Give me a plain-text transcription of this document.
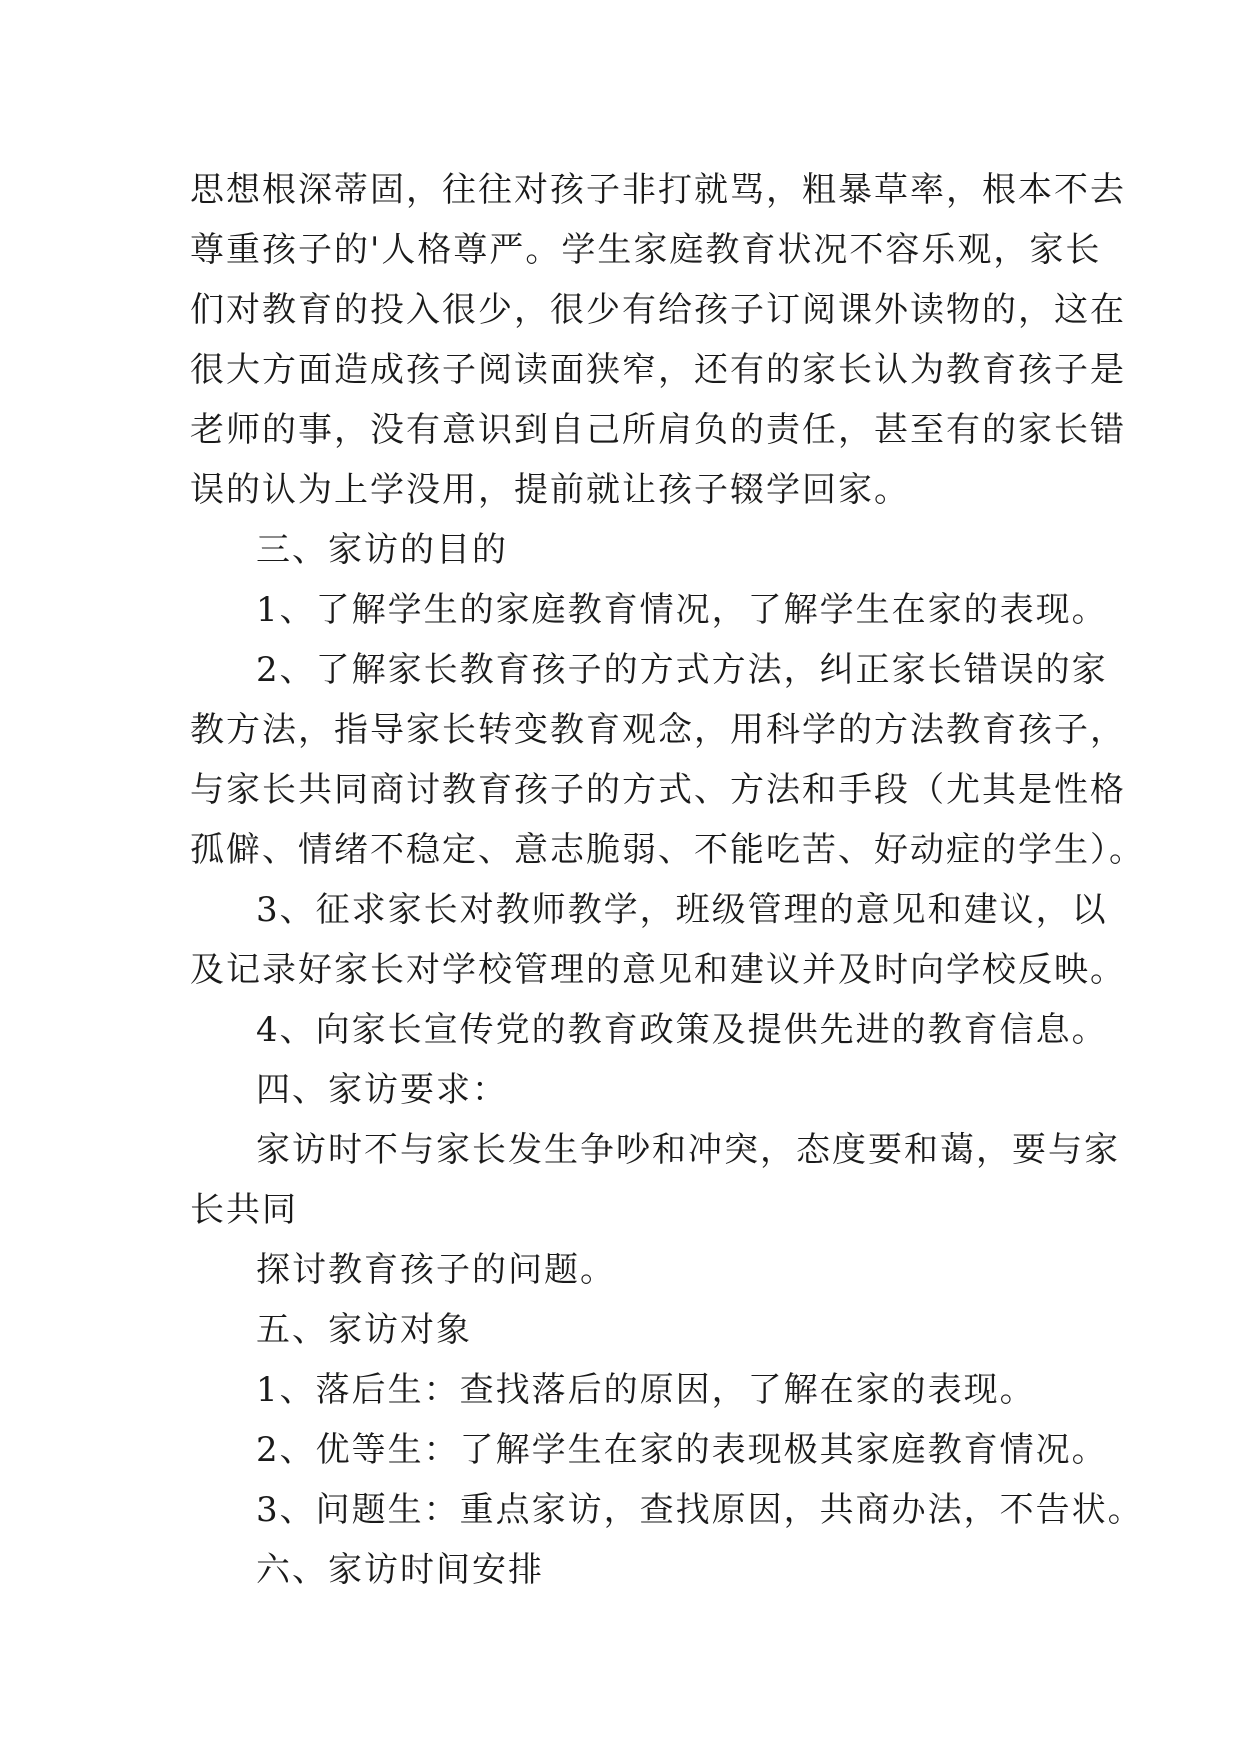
思想根深蒂固，往往对孩子非打就骂，粗暴草率，根本不去
尊重孩子的'人格尊严。学生家庭教育状况不容乐观，家长
们对教育的投入很少，很少有给孩子订阅课外读物的，这在
很大方面造成孩子阅读面狭窄，还有的家长认为教育孩子是
老师的事，没有意识到自己所肩负的责任，甚至有的家长错
误的认为上学没用，提前就让孩子辍学回家。
三、家访的目的
1、了解学生的家庭教育情况，了解学生在家的表现。
2、了解家长教育孩子的方式方法，纠正家长错误的家
教方法，指导家长转变教育观念，用科学的方法教育孩子，
与家长共同商讨教育孩子的方式、方法和手段（尤其是性格
孤僻、情绪不稳定、意志脆弱、不能吃苦、好动症的学生）。
3、征求家长对教师教学，班级管理的意见和建议，以
及记录好家长对学校管理的意见和建议并及时向学校反映。
4、向家长宣传党的教育政策及提供先进的教育信息。
四、家访要求：
家访时不与家长发生争吵和冲突，态度要和蔼，要与家
长共同
探讨教育孩子的问题。
五、家访对象
1、落后生：查找落后的原因，了解在家的表现。
2、优等生：了解学生在家的表现极其家庭教育情况。
3、问题生：重点家访，查找原因，共商办法，不告状。
六、家访时间安排
